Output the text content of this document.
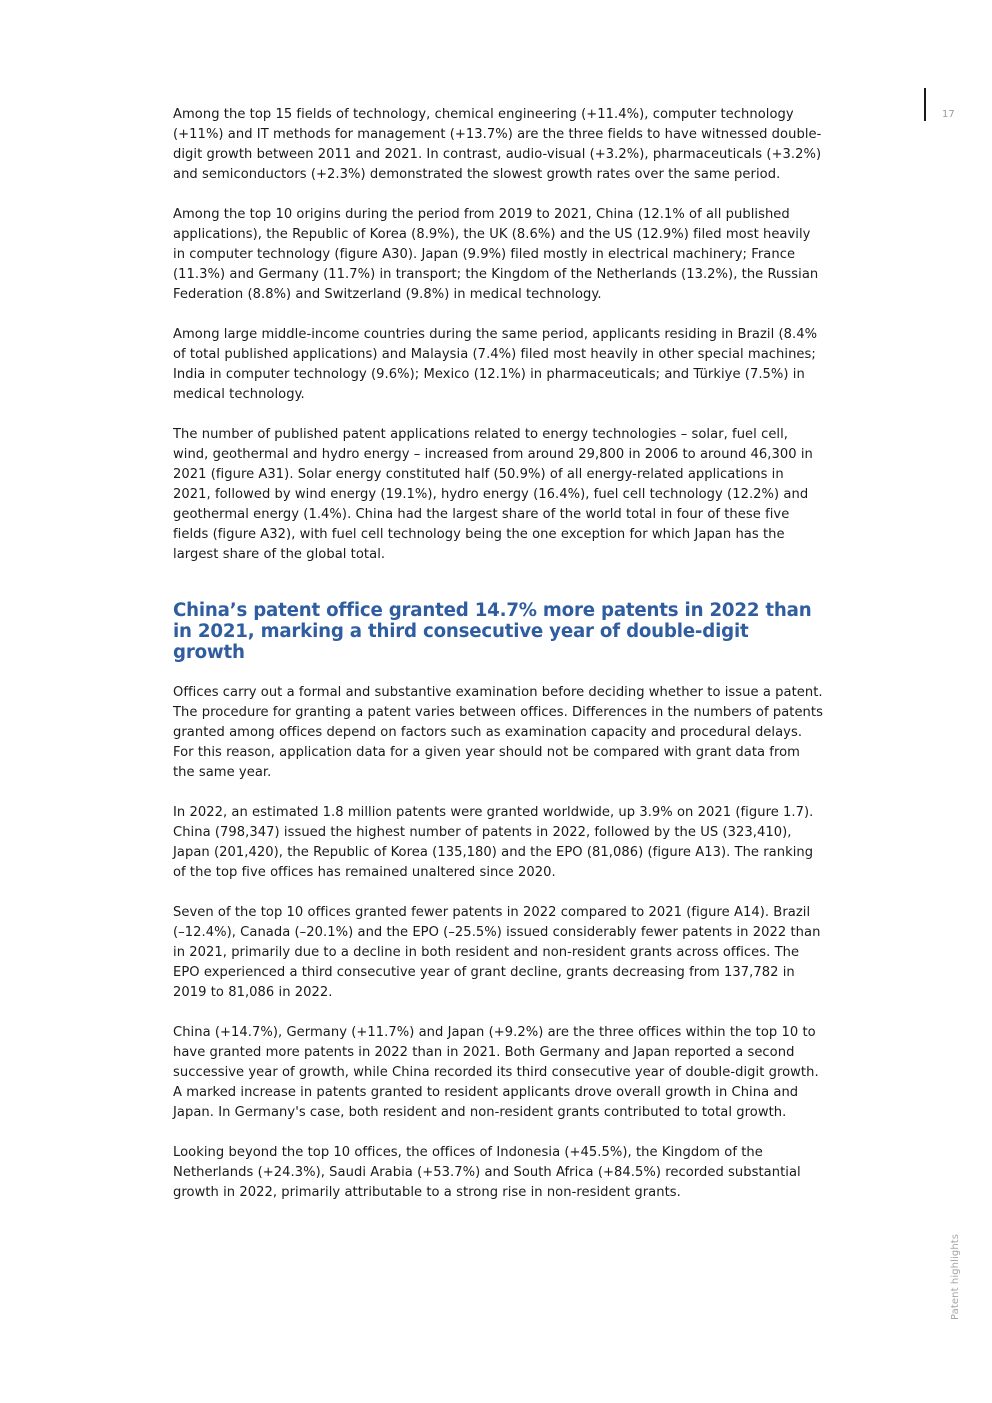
17
Patent highlights

Among the top 15 fields of technology, chemical engineering (+11.4%), computer technology (+11%) and IT methods for management (+13.7%) are the three fields to have witnessed double-digit growth between 2011 and 2021. In contrast, audio-visual (+3.2%), pharmaceuticals (+3.2%) and semiconductors (+2.3%) demonstrated the slowest growth rates over the same period.

Among the top 10 origins during the period from 2019 to 2021, China (12.1% of all published applications), the Republic of Korea (8.9%), the UK (8.6%) and the US (12.9%) filed most heavily in computer technology (figure A30). Japan (9.9%) filed mostly in electrical machinery; France (11.3%) and Germany (11.7%) in transport; the Kingdom of the Netherlands (13.2%), the Russian Federation (8.8%) and Switzerland (9.8%) in medical technology.

Among large middle-income countries during the same period, applicants residing in Brazil (8.4% of total published applications) and Malaysia (7.4%) filed most heavily in other special machines; India in computer technology (9.6%); Mexico (12.1%) in pharmaceuticals; and Türkiye (7.5%) in medical technology.

The number of published patent applications related to energy technologies – solar, fuel cell, wind, geothermal and hydro energy – increased from around 29,800 in 2006 to around 46,300 in 2021 (figure A31). Solar energy constituted half (50.9%) of all energy-related applications in 2021, followed by wind energy (19.1%), hydro energy (16.4%), fuel cell technology (12.2%) and geothermal energy (1.4%). China had the largest share of the world total in four of these five fields (figure A32), with fuel cell technology being the one exception for which Japan has the largest share of the global total.

China’s patent office granted 14.7% more patents in 2022 than in 2021, marking a third consecutive year of double-digit growth

Offices carry out a formal and substantive examination before deciding whether to issue a patent. The procedure for granting a patent varies between offices. Differences in the numbers of patents granted among offices depend on factors such as examination capacity and procedural delays. For this reason, application data for a given year should not be compared with grant data from the same year.

In 2022, an estimated 1.8 million patents were granted worldwide, up 3.9% on 2021 (figure 1.7). China (798,347) issued the highest number of patents in 2022, followed by the US (323,410), Japan (201,420), the Republic of Korea (135,180) and the EPO (81,086) (figure A13). The ranking of the top five offices has remained unaltered since 2020.

Seven of the top 10 offices granted fewer patents in 2022 compared to 2021 (figure A14). Brazil (–12.4%), Canada (–20.1%) and the EPO (–25.5%) issued considerably fewer patents in 2022 than in 2021, primarily due to a decline in both resident and non-resident grants across offices. The EPO experienced a third consecutive year of grant decline, grants decreasing from 137,782 in 2019 to 81,086 in 2022.

China (+14.7%), Germany (+11.7%) and Japan (+9.2%) are the three offices within the top 10 to have granted more patents in 2022 than in 2021. Both Germany and Japan reported a second successive year of growth, while China recorded its third consecutive year of double-digit growth. A marked increase in patents granted to resident applicants drove overall growth in China and Japan. In Germany's case, both resident and non-resident grants contributed to total growth.

Looking beyond the top 10 offices, the offices of Indonesia (+45.5%), the Kingdom of the Netherlands (+24.3%), Saudi Arabia (+53.7%) and South Africa (+84.5%) recorded substantial growth in 2022, primarily attributable to a strong rise in non-resident grants.
